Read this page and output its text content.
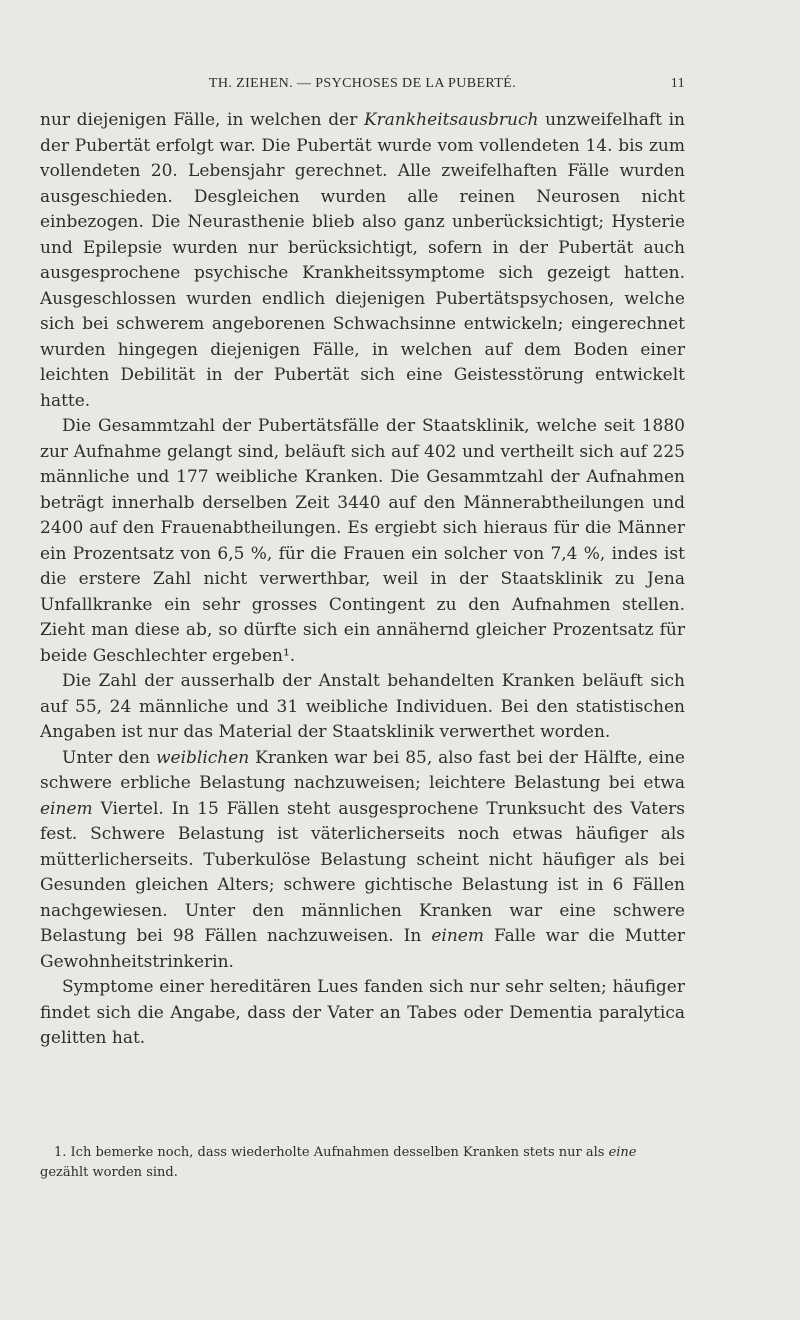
TH. ZIEHEN. — PSYCHOSES DE LA PUBERTÉ.	11

nur diejenigen Fälle, in welchen der Krankheitsausbruch unzweifelhaft in der Pubertät erfolgt war. Die Pubertät wurde vom vollendeten 14. bis zum vollendeten 20. Lebensjahr gerechnet. Alle zweifelhaften Fälle wurden ausgeschieden. Desgleichen wurden alle reinen Neurosen nicht einbezogen. Die Neurasthenie blieb also ganz unberücksichtigt; Hysterie und Epilepsie wurden nur berücksichtigt, sofern in der Pubertät auch ausgesprochene psychische Krankheitssymptome sich gezeigt hatten. Ausgeschlossen wurden endlich diejenigen Pubertätspsychosen, welche sich bei schwerem angeborenen Schwachsinne entwickeln; eingerechnet wurden hingegen diejenigen Fälle, in welchen auf dem Boden einer leichten Debilität in der Pubertät sich eine Geistesstörung entwickelt hatte.

Die Gesammtzahl der Pubertätsfälle der Staatsklinik, welche seit 1880 zur Aufnahme gelangt sind, beläuft sich auf 402 und vertheilt sich auf 225 männliche und 177 weibliche Kranken. Die Gesammtzahl der Aufnahmen beträgt innerhalb derselben Zeit 3440 auf den Männerabtheilungen und 2400 auf den Frauenabtheilungen. Es ergiebt sich hieraus für die Männer ein Prozentsatz von 6,5 %, für die Frauen ein solcher von 7,4 %, indes ist die erstere Zahl nicht verwerthbar, weil in der Staatsklinik zu Jena Unfallkranke ein sehr grosses Contingent zu den Aufnahmen stellen. Zieht man diese ab, so dürfte sich ein annähernd gleicher Prozentsatz für beide Geschlechter ergeben¹.

Die Zahl der ausserhalb der Anstalt behandelten Kranken beläuft sich auf 55, 24 männliche und 31 weibliche Individuen. Bei den statistischen Angaben ist nur das Material der Staatsklinik verwerthet worden.

Unter den weiblichen Kranken war bei 85, also fast bei der Hälfte, eine schwere erbliche Belastung nachzuweisen; leichtere Belastung bei etwa einem Viertel. In 15 Fällen steht ausgesprochene Trunksucht des Vaters fest. Schwere Belastung ist väterlicherseits noch etwas häufiger als mütterlicherseits. Tuberkulöse Belastung scheint nicht häufiger als bei Gesunden gleichen Alters; schwere gichtische Belastung ist in 6 Fällen nachgewiesen. Unter den männlichen Kranken war eine schwere Belastung bei 98 Fällen nachzuweisen. In einem Falle war die Mutter Gewohnheitstrinkerin.

Symptome einer hereditären Lues fanden sich nur sehr selten; häufiger findet sich die Angabe, dass der Vater an Tabes oder Dementia paralytica gelitten hat.

1. Ich bemerke noch, dass wiederholte Aufnahmen desselben Kranken stets nur als eine gezählt worden sind.
